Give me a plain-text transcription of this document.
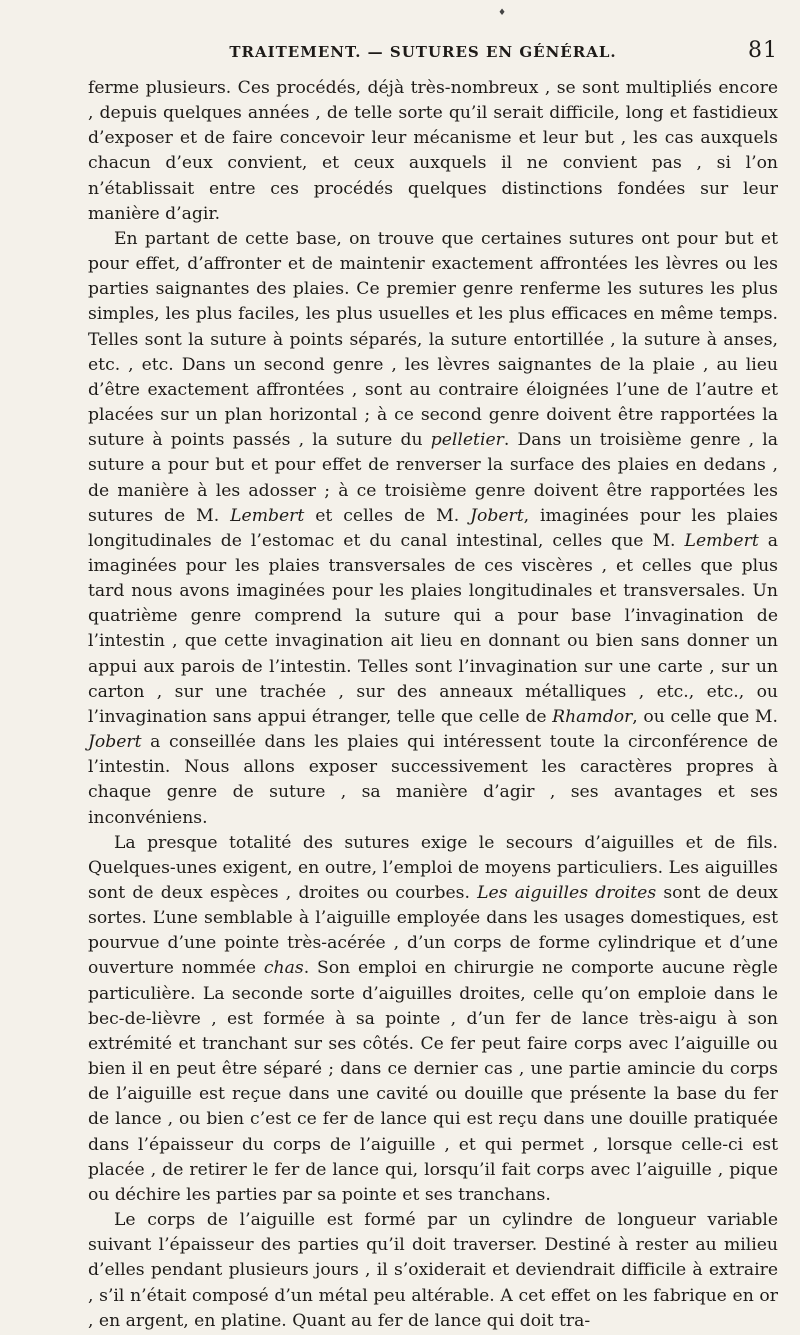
♦
TRAITEMENT. — SUTURES EN GÉNÉRAL.	81

ferme plusieurs. Ces procédés, déjà très-nombreux , se sont multipliés encore , depuis quelques années , de telle sorte qu’il serait difficile, long et fastidieux d’exposer et de faire concevoir leur mécanisme et leur but , les cas auxquels chacun d’eux convient, et ceux auxquels il ne convient pas , si l’on n’établissait entre ces procédés quelques distinctions fondées sur leur manière d’agir.

En partant de cette base, on trouve que certaines sutures ont pour but et pour effet, d’affronter et de maintenir exactement affrontées les lèvres ou les parties saignantes des plaies. Ce premier genre renferme les sutures les plus simples, les plus faciles, les plus usuelles et les plus efficaces en même temps. Telles sont la suture à points séparés, la suture entortillée , la suture à anses, etc. , etc. Dans un second genre , les lèvres saignantes de la plaie , au lieu d’être exactement affrontées , sont au contraire éloignées l’une de l’autre et placées sur un plan horizontal ; à ce second genre doivent être rapportées la suture à points passés , la suture du pelletier. Dans un troisième genre , la suture a pour but et pour effet de renverser la surface des plaies en dedans , de manière à les adosser ; à ce troisième genre doivent être rapportées les sutures de M. Lembert et celles de M. Jobert, imaginées pour les plaies longitudinales de l’estomac et du canal intestinal, celles que M. Lembert a imaginées pour les plaies transversales de ces viscères , et celles que plus tard nous avons imaginées pour les plaies longitudinales et transversales. Un quatrième genre comprend la suture qui a pour base l’invagination de l’intestin , que cette invagination ait lieu en donnant ou bien sans donner un appui aux parois de l’intestin. Telles sont l’invagination sur une carte , sur un carton , sur une trachée , sur des anneaux métalliques , etc., etc., ou l’invagination sans appui étranger, telle que celle de Rhamdor, ou celle que M. Jobert a conseillée dans les plaies qui intéressent toute la circonférence de l’intestin. Nous allons exposer successivement les caractères propres à chaque genre de suture , sa manière d’agir , ses avantages et ses inconvéniens.

La presque totalité des sutures exige le secours d’aiguilles et de fils. Quelques-unes exigent, en outre, l’emploi de moyens particuliers. Les aiguilles sont de deux espèces , droites ou courbes. Les aiguilles droites sont de deux sortes. L’une semblable à l’aiguille employée dans les usages domestiques, est pourvue d’une pointe très-acérée , d’un corps de forme cylindrique et d’une ouverture nommée chas. Son emploi en chirurgie ne comporte aucune règle particulière. La seconde sorte d’aiguilles droites, celle qu’on emploie dans le bec-de-lièvre , est formée à sa pointe , d’un fer de lance très-aigu à son extrémité et tranchant sur ses côtés. Ce fer peut faire corps avec l’aiguille ou bien il en peut être séparé ; dans ce dernier cas , une partie amincie du corps de l’aiguille est reçue dans une cavité ou douille que présente la base du fer de lance , ou bien c’est ce fer de lance qui est reçu dans une douille pratiquée dans l’épaisseur du corps de l’aiguille , et qui permet , lorsque celle-ci est placée , de retirer le fer de lance qui, lorsqu’il fait corps avec l’aiguille , pique ou déchire les parties par sa pointe et ses tranchans.

Le corps de l’aiguille est formé par un cylindre de longueur variable suivant l’épaisseur des parties qu’il doit traverser. Destiné à rester au milieu d’elles pendant plusieurs jours , il s’oxiderait et deviendrait difficile à extraire , s’il n’était composé d’un métal peu altérable. A cet effet on les fabrique en or , en argent, en platine. Quant au fer de lance qui doit tra-
